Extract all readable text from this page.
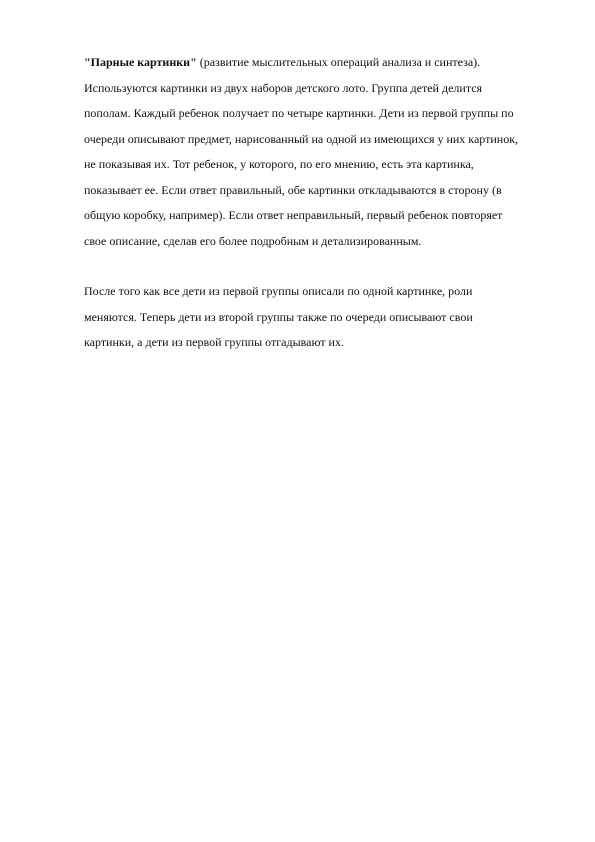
"Парные картинки" (развитие мыслительных операций анализа и синтеза).

Используются картинки из двух наборов детского лото. Группа детей делится пополам. Каждый ребенок получает по четыре картинки. Дети из первой группы по очереди описывают предмет, нарисованный на одной из имеющихся у них картинок, не показывая их. Тот ребенок, у которого, по его мнению, есть эта картинка, показывает ее. Если ответ правильный, обе картинки откладываются в сторону (в общую коробку, например). Если ответ неправильный, первый ребенок повторяет свое описание, сделав его более подробным и детализированным.

После того как все дети из первой группы описали по одной картинке, роли меняются. Теперь дети из второй группы также по очереди описывают свои картинки, а дети из первой группы отгадывают их.
